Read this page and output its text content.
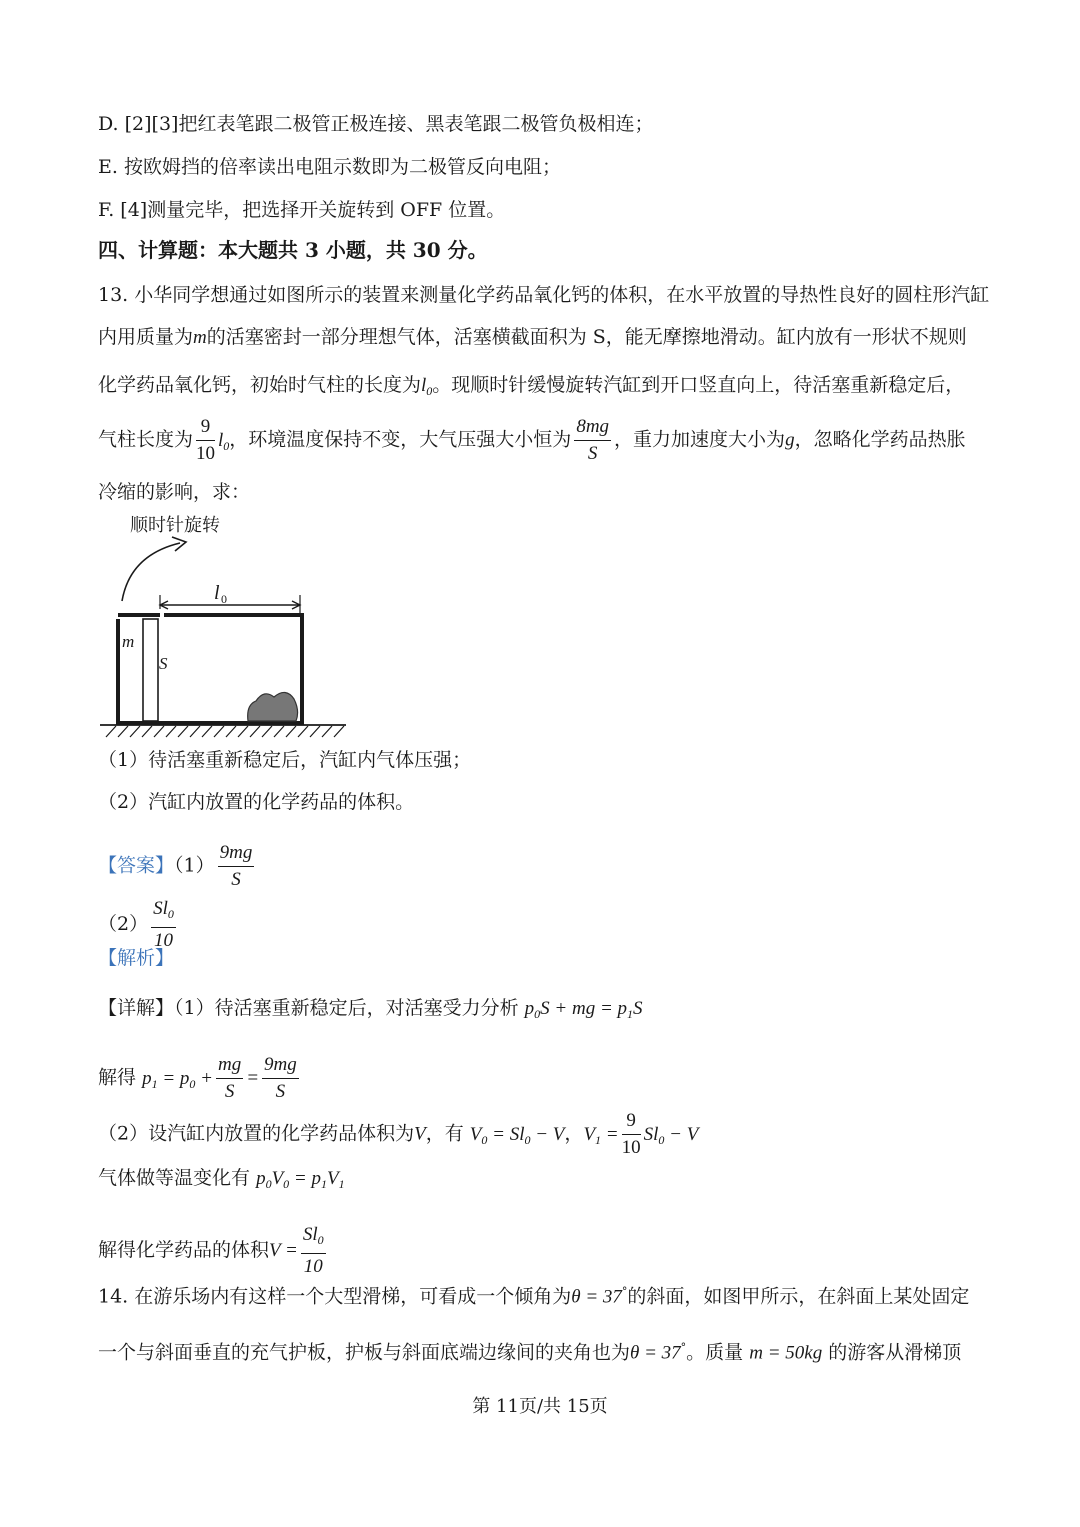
D. [2][3]把红表笔跟二极管正极连接、黑表笔跟二极管负极相连；
E. 按欧姆挡的倍率读出电阻示数即为二极管反向电阻；
F. [4]测量完毕，把选择开关旋转到 OFF 位置。
四、计算题：本大题共 3 小题，共 30 分。
13. 小华同学想通过如图所示的装置来测量化学药品氧化钙的体积，在水平放置的导热性良好的圆柱形汽缸
内用质量为m的活塞密封一部分理想气体，活塞横截面积为 S，能无摩擦地滑动。缸内放有一形状不规则
化学药品氧化钙，初始时气柱的长度为$l_0$。现顺时针缓慢旋转汽缸到开口竖直向上，待活塞重新稳定后，
气柱长度为 $\frac{9}{10} l_0$，环境温度保持不变，大气压强大小恒为 $\frac{8mg}{S}$ ，重力加速度大小为g，忽略化学药品热胀
冷缩的影响，求：
顺时针旋转
l 0
m
S
（1）待活塞重新稳定后，汽缸内气体压强；
（2）汽缸内放置的化学药品的体积。
【答案】$(1) \frac{9mg}{S}$
$(2) \frac{Sl_0}{10}$
【解析】
【详解】（1）待活塞重新稳定后，对活塞受力分析 $p_0S$ + mg = $p_1S$
解得 $p_1 = p_0 + \frac{mg}{S} = \frac{9mg}{S}$
（2）设汽缸内放置的化学药品体积为V，有 $V_0 = Sl_0 - V$，$V_1 = \frac{9}{10} Sl_0 - V$
气体做等温变化有 $p_0V_0 = p_1V_1$
解得化学药品的体积$V = \frac{Sl_0}{10}$
14. 在游乐场内有这样一个大型滑梯，可看成一个倾角为θ = 37°的斜面，如图甲所示，在斜面上某处固定
一个与斜面垂直的充气护板，护板与斜面底端边缘间的夹角也为θ = 37°。质量 m = 50kg 的游客从滑梯顶
第 11页/共 15页
